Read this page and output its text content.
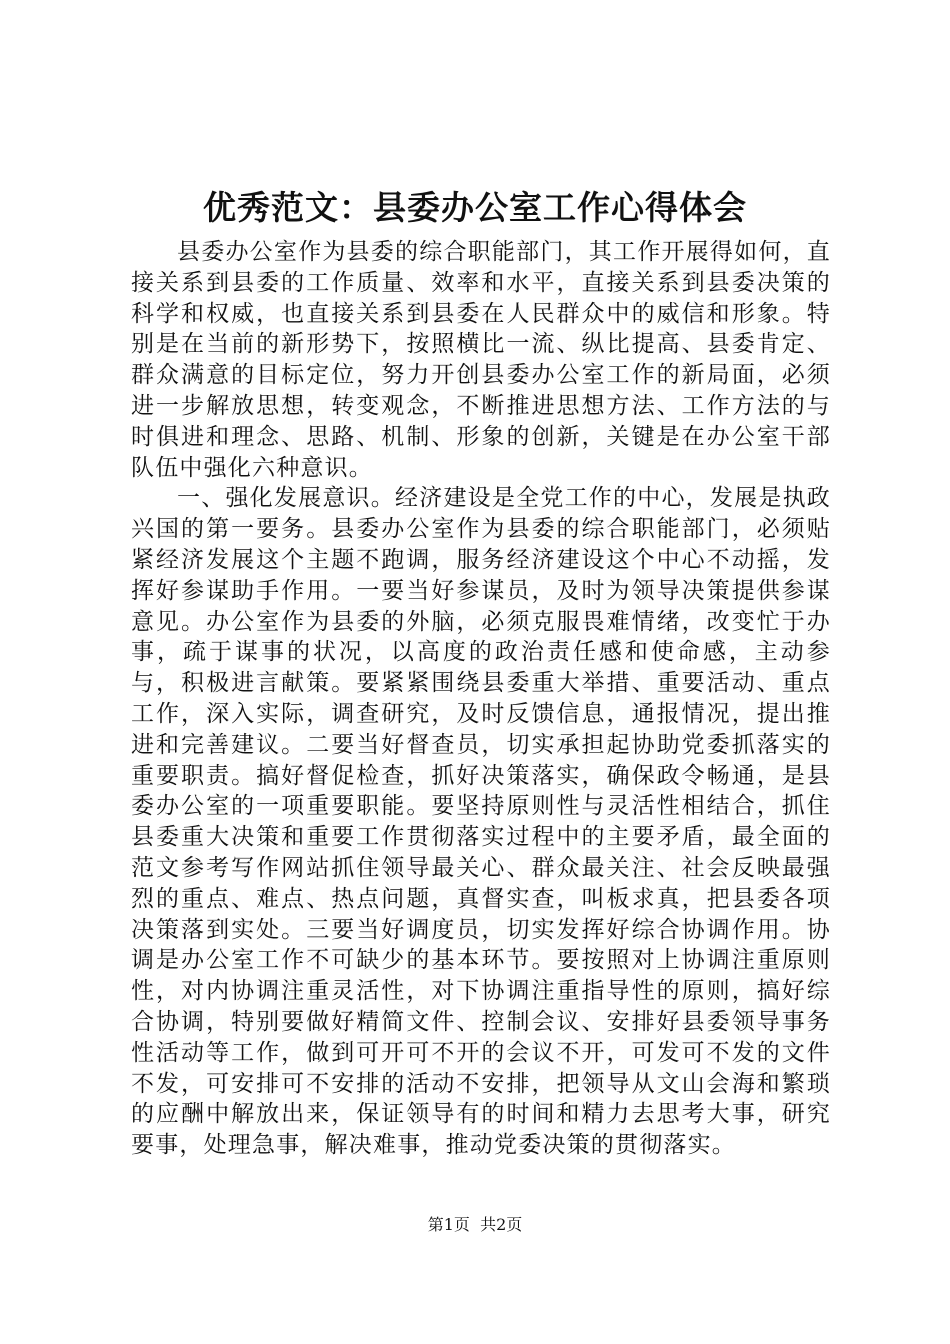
优秀范文：县委办公室工作心得体会

县委办公室作为县委的综合职能部门，其工作开展得如何，直接关系到县委的工作质量、效率和水平，直接关系到县委决策的科学和权威，也直接关系到县委在人民群众中的威信和形象。特别是在当前的新形势下，按照横比一流、纵比提高、县委肯定、群众满意的目标定位，努力开创县委办公室工作的新局面，必须进一步解放思想，转变观念，不断推进思想方法、工作方法的与时俱进和理念、思路、机制、形象的创新，关键是在办公室干部队伍中强化六种意识。

一、强化发展意识。经济建设是全党工作的中心，发展是执政兴国的第一要务。县委办公室作为县委的综合职能部门，必须贴紧经济发展这个主题不跑调，服务经济建设这个中心不动摇，发挥好参谋助手作用。一要当好参谋员，及时为领导决策提供参谋意见。办公室作为县委的外脑，必须克服畏难情绪，改变忙于办事，疏于谋事的状况，以高度的政治责任感和使命感，主动参与，积极进言献策。要紧紧围绕县委重大举措、重要活动、重点工作，深入实际，调查研究，及时反馈信息，通报情况，提出推进和完善建议。二要当好督查员，切实承担起协助党委抓落实的重要职责。搞好督促检查，抓好决策落实，确保政令畅通，是县委办公室的一项重要职能。要坚持原则性与灵活性相结合，抓住县委重大决策和重要工作贯彻落实过程中的主要矛盾，最全面的范文参考写作网站抓住领导最关心、群众最关注、社会反映最强烈的重点、难点、热点问题，真督实查，叫板求真，把县委各项决策落到实处。三要当好调度员，切实发挥好综合协调作用。协调是办公室工作不可缺少的基本环节。要按照对上协调注重原则性，对内协调注重灵活性，对下协调注重指导性的原则，搞好综合协调，特别要做好精简文件、控制会议、安排好县委领导事务性活动等工作，做到可开可不开的会议不开，可发可不发的文件不发，可安排可不安排的活动不安排，把领导从文山会海和繁琐的应酬中解放出来，保证领导有的时间和精力去思考大事，研究要事，处理急事，解决难事，推动党委决策的贯彻落实。

第1页  共2页
